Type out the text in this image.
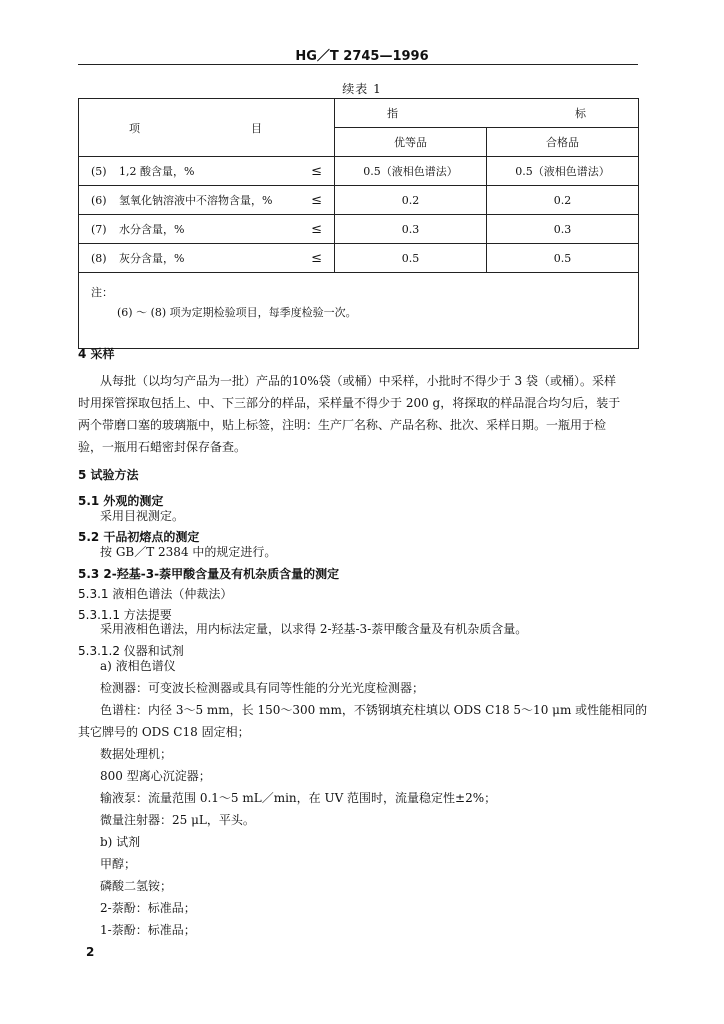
HG／T 2745—1996
续表 1
项 目	指 标	

	优等品	合格品

(5) 1,2 酸含量，% ≤	0.5（液相色谱法）	0.5（液相色谱法）

(6) 氢氧化钠溶液中不溶物含量，% ≤	0.2	0.2

(7) 水分含量，% ≤	0.3	0.3

(8) 灰分含量，% ≤	0.5	0.5

注：
(6) ～ (8) 项为定期检验项目，每季度检验一次。		
4 采样
从每批（以均匀产品为一批）产品的10%袋（或桶）中采样，小批时不得少于 3 袋（或桶）。采样
时用探管探取包括上、中、下三部分的样品，采样量不得少于 200 g，将探取的样品混合均匀后，装于
两个带磨口塞的玻璃瓶中，贴上标签，注明：生产厂名称、产品名称、批次、采样日期。一瓶用于检
验，一瓶用石蜡密封保存备查。
5 试验方法
5.1 外观的测定
采用目视测定。
5.2 干品初熔点的测定
按 GB／T 2384 中的规定进行。
5.3 2-羟基-3-萘甲酸含量及有机杂质含量的测定
5.3.1 液相色谱法（仲裁法）
5.3.1.1 方法提要
采用液相色谱法，用内标法定量，以求得 2-羟基-3-萘甲酸含量及有机杂质含量。
5.3.1.2 仪器和试剂
a) 液相色谱仪
检测器：可变波长检测器或具有同等性能的分光光度检测器；
色谱柱：内径 3～5 mm，长 150～300 mm，不锈钢填充柱填以 ODS C18 5～10 μm 或性能相同的
其它牌号的 ODS C18 固定相；
数据处理机；
800 型离心沉淀器；
输液泵：流量范围 0.1～5 mL／min，在 UV 范围时，流量稳定性±2%；
微量注射器：25 μL，平头。
b) 试剂
甲醇；
磷酸二氢铵；
2-萘酚：标准品；
1-萘酚：标准品；
2
